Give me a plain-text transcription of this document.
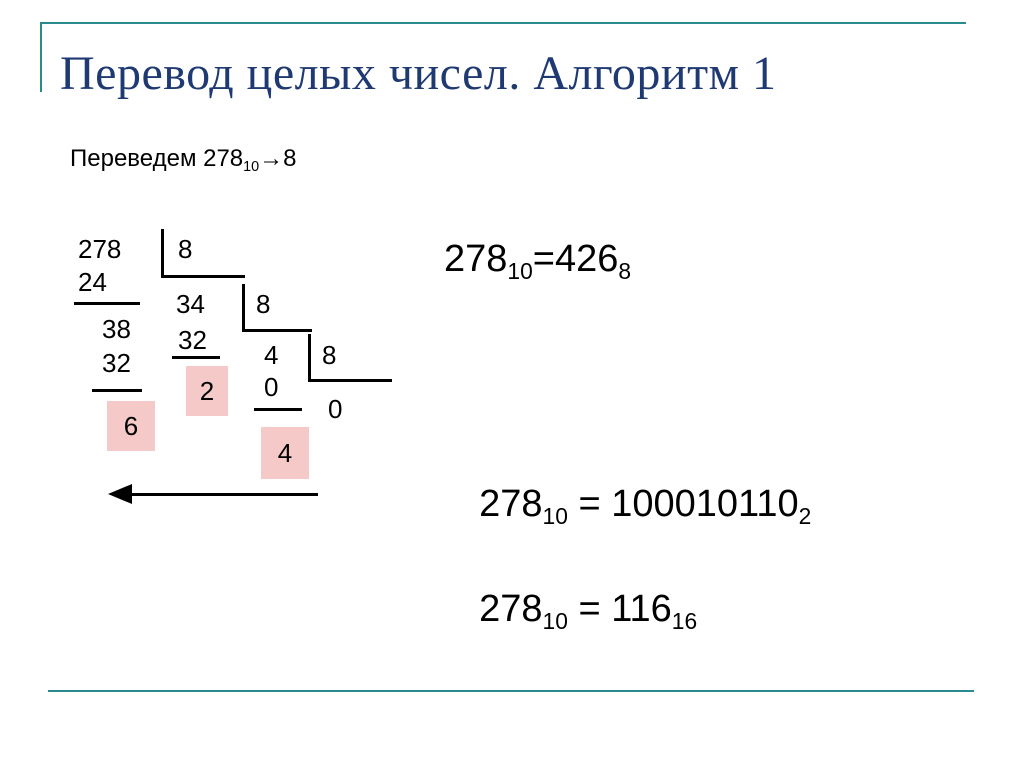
Перевод целых чисел. Алгоритм 1
Переведем $278_{10}\to 8$
278 8
24
38
32
6
34 8
32
2
4 8
0
4
0
$278_{10}=426_8$

$278_{10} = 100010110_2$

$278_{10} = 116_{16}$
